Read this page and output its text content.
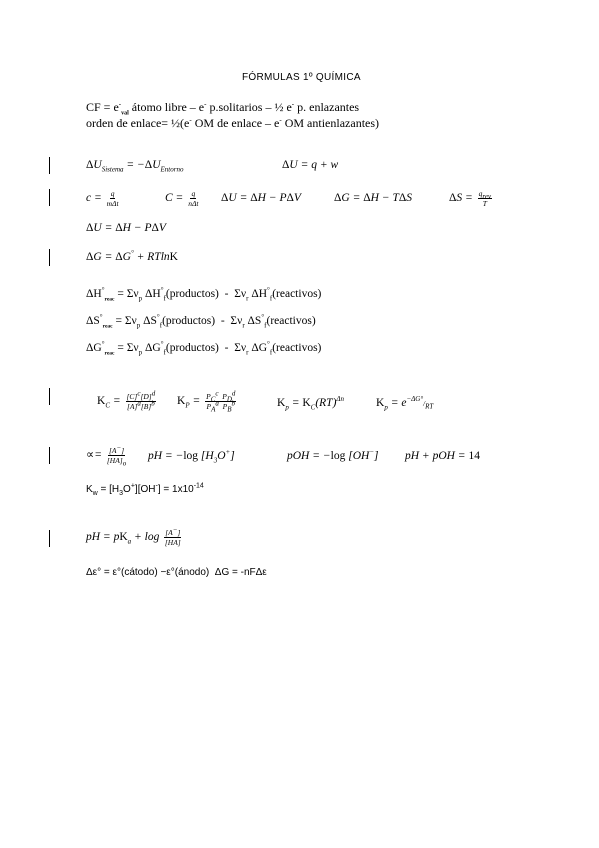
FÓRMULAS 1º QUÍMICA
CF = $e^-_{val}$ átomo libre – e- p.solitarios – ½ e- p. enlazantes
orden de enlace= ½(e- OM de enlace – e- OM antienlazantes)
$\Delta U_{Sistema} = -\Delta U_{Entorno}$	ΔU = q + w
$c = \frac{q}{\text{mΔt}}$	$C = \frac{q}{\text{nΔt}}$ ΔU = ΔH − PΔV	ΔG = ΔH − TΔS	$\Delta S = \frac{q_{rev}}{T}$
ΔU = ΔH − PΔV
ΔG = ΔG° + RTlnK
$\Delta H^\circ_{reac} = \Sigma\nu_p$ $\Delta H^\circ_f(productos) - \Sigma\nu_r$ $\Delta H^\circ_f(reactivos)$
$\Delta S^\circ_{reac} = \Sigma\nu_p$ $\Delta S^\circ_f(productos) - \Sigma\nu_r$ $\Delta S^\circ_f(reactivos)$
$\Delta G^\circ_{reac} = \Sigma\nu_p$ $\Delta G^\circ_f(productos) - \Sigma\nu_r$ $\Delta G^\circ_f(reactivos)$
$K_C = \frac{[C]^c[D]^d}{[A]^a[B]^b} K_P = \frac{P_C^c P_D^d}{P_A^a P_B^b}$	$K_p = K_C(RT)^{\Delta n}$	$K_p = e^{-\Delta G^\circ}/_{RT}$
∝= $\frac{[A^-]}{[HA]_o}$ pH = −log $[H_3O^+]$	pOH = −log [OH−] pH + pOH = 14
$K_w = [H_3O^+][OH^-] = 1x10^{-14}$
pH = $pK_a + \log \frac{[A^-]}{[HA]}$
Δε° = ε°(cátodo) −ε°(ánodo)  ΔG = -nFΔε
